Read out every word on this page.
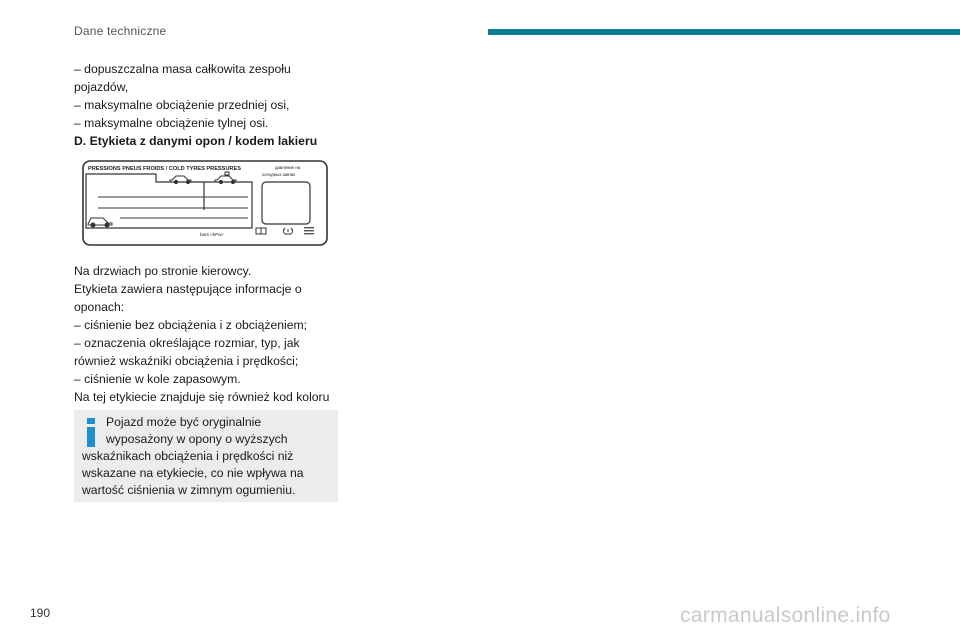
Dane techniczne

– dopuszczalna masa całkowita zespołu

pojazdów,

– maksymalne obciążenie przedniej osi,

– maksymalne obciążenie tylnej osi.

D. Etykieta z danymi opon / kodem lakieru

PRESSIONS PNEUS FROIDS / COLD TYRES PRESSURES	давление на
холодных шинах
bars <kPa>

Na drzwiach po stronie kierowcy.

Etykieta zawiera następujące informacje o

oponach:

– ciśnienie bez obciążenia i z obciążeniem;

– oznaczenia określające rozmiar, typ, jak

również wskaźniki obciążenia i prędkości;

– ciśnienie w kole zapasowym.

Na tej etykiecie znajduje się również kod koloru

Pojazd może być oryginalnie
wyposażony w opony o wyższych
wskaźnikach obciążenia i prędkości niż
wskazane na etykiecie, co nie wpływa na
wartość ciśnienia w zimnym ogumieniu.
190	carmanualsonline.info
